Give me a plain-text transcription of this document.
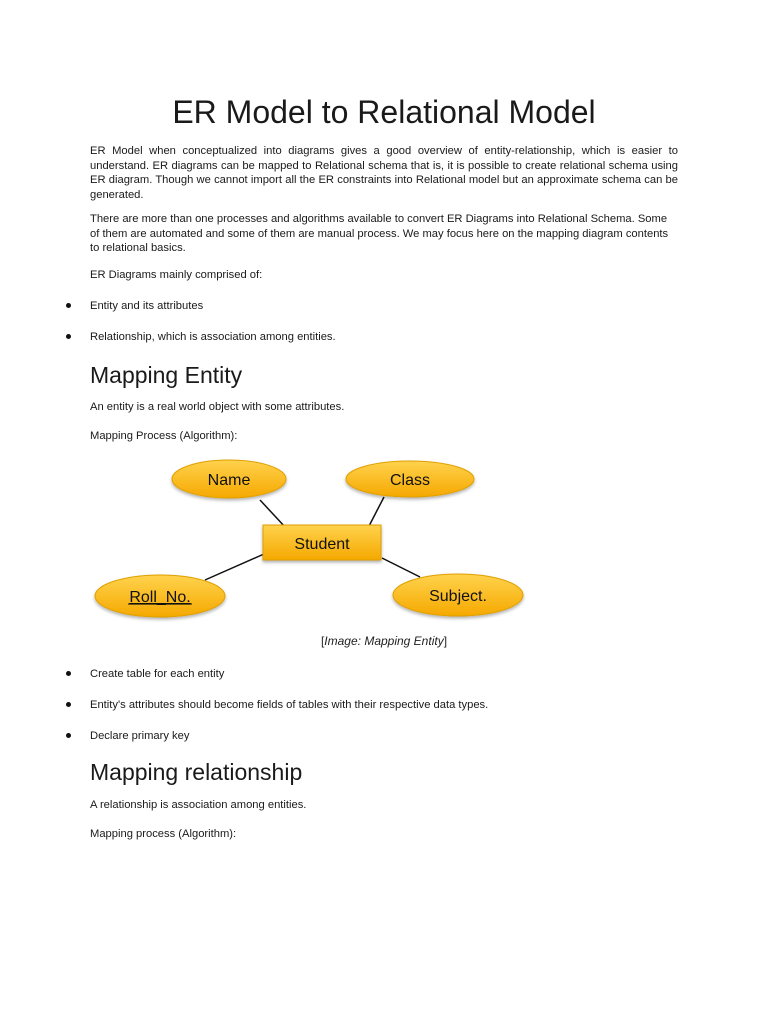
ER Model to Relational Model

ER Model when conceptualized into diagrams gives a good overview of entity-relationship, which is easier to understand. ER diagrams can be mapped to Relational schema that is, it is possible to create relational schema using ER diagram. Though we cannot import all the ER constraints into Relational model but an approximate schema can be generated.

There are more than one processes and algorithms available to convert ER Diagrams into Relational Schema. Some of them are automated and some of them are manual process. We may focus here on the mapping diagram contents to relational basics.

ER Diagrams mainly comprised of:

Entity and its attributes

Relationship, which is association among entities.

Mapping Entity

An entity is a real world object with some attributes.

Mapping Process (Algorithm):

Student
Name	Class
Roll_No.	Subject.
[Image: Mapping Entity]

Create table for each entity

Entity's attributes should become fields of tables with their respective data types.

Declare primary key

Mapping relationship

A relationship is association among entities.

Mapping process (Algorithm):
